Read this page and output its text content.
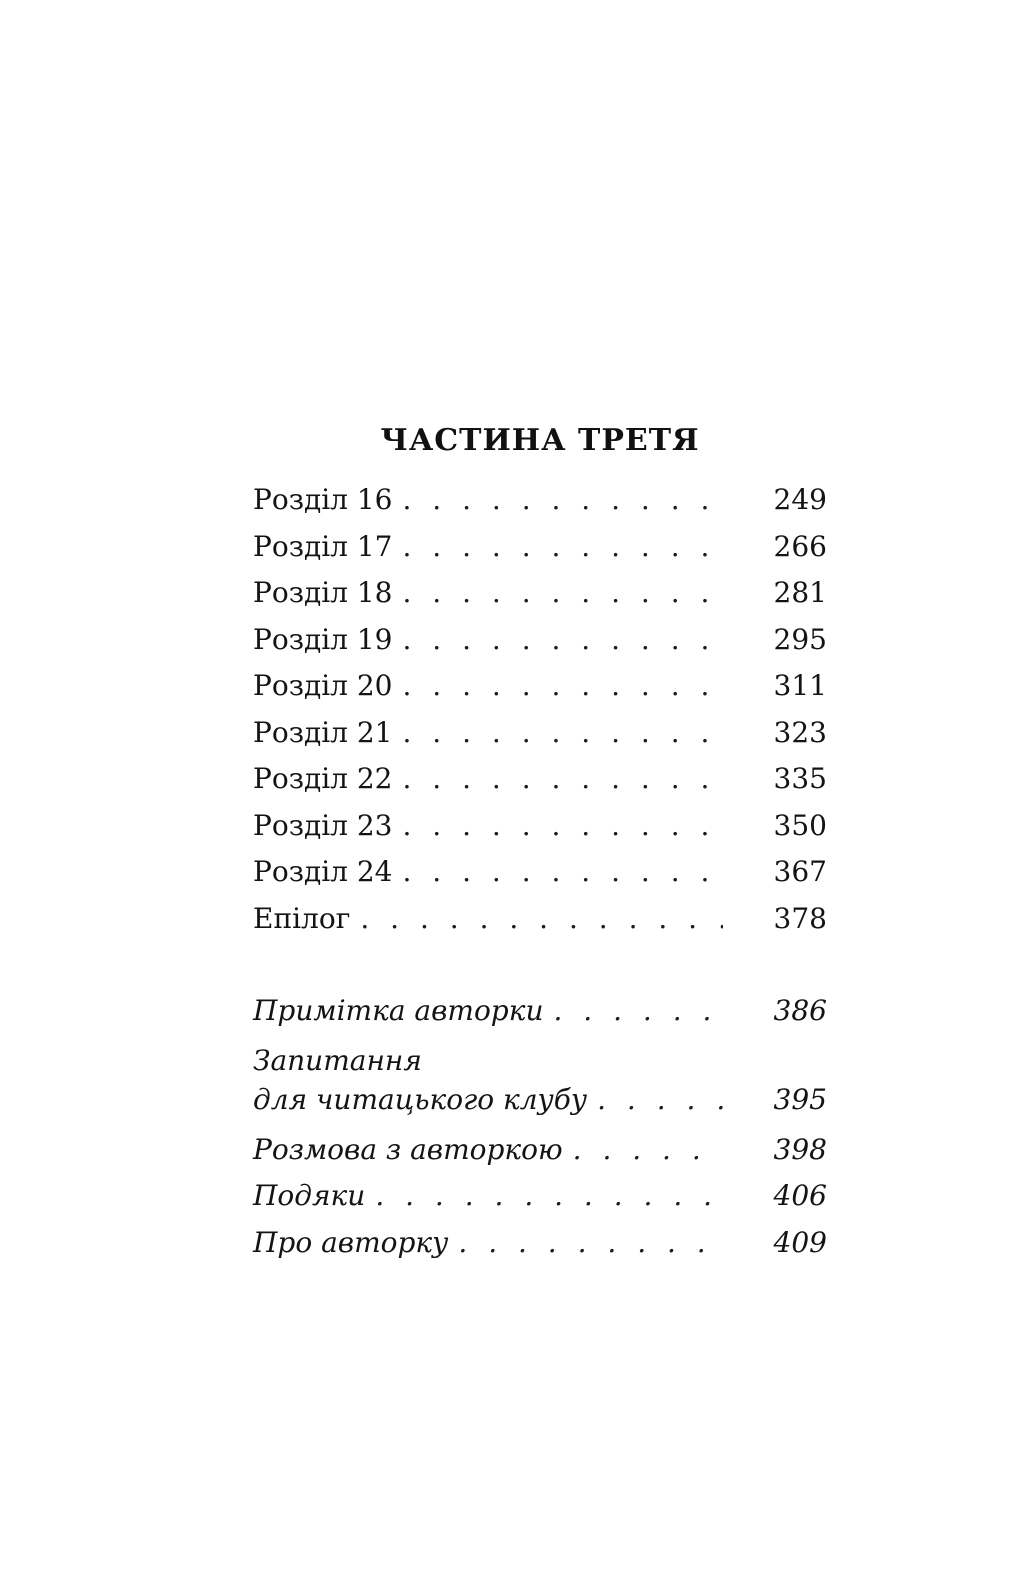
ЧАСТИНА ТРЕТЯ
Розділ 16 . . .	249
Розділ 17 . . .	266
Розділ 18 . . .	281
Розділ 19 . . .	295
Розділ 20 . . .	311
Розділ 21 . . .	323
Розділ 22 . . .	335
Розділ 23 . . .	350
Розділ 24 . . .	367
Епілог . . .	378
Примітка авторки . . .	386
Запитання
для читацького клубу . . .	395
Розмова з авторкою . . .	398
Подяки . . .	406
Про авторку . . .	409
